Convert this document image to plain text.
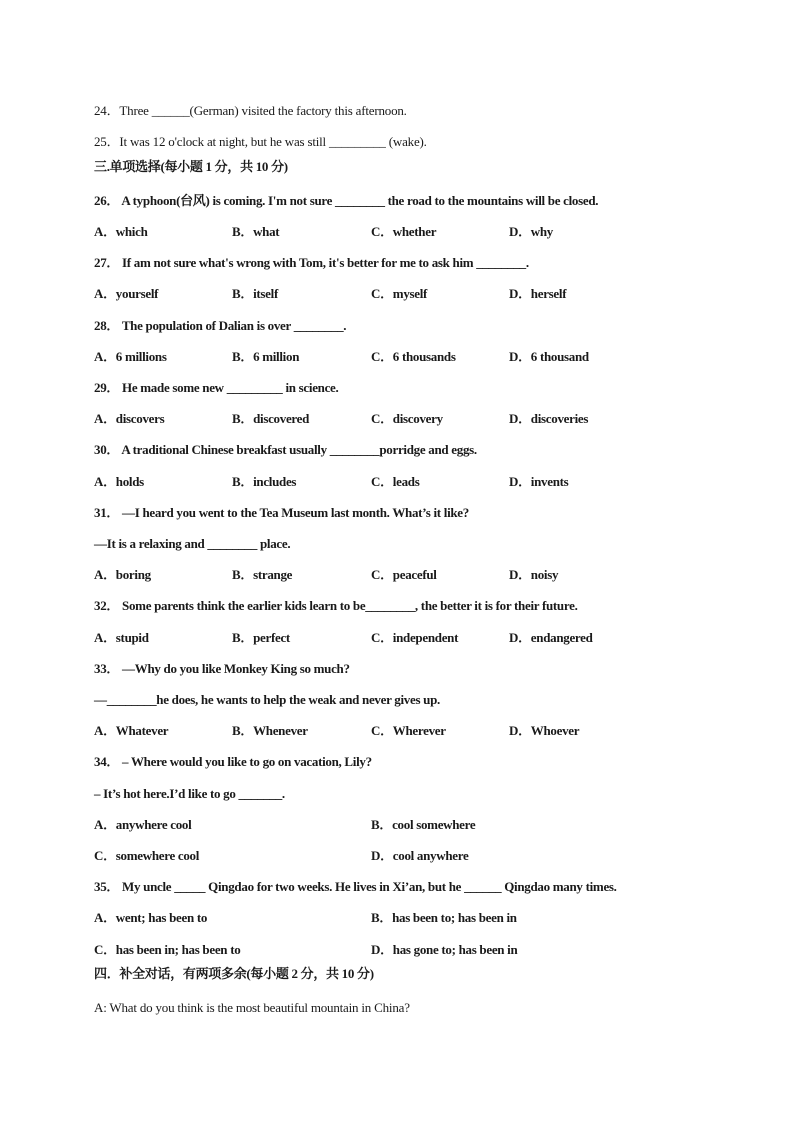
24．Three ______(German) visited the factory this afternoon.
25．It was 12 o'clock at night, but he was still _________ (wake).
三.单项选择(每小题 1 分，共 10 分)
26． A typhoon(台风) is coming. I'm not sure ________ the road to the mountains will be closed.
A．which	B．what	C．whether	D．why
27． If am not sure what's wrong with Tom, it's better for me to ask him ________.
A．yourself	B．itself	C．myself	D．herself
28． The population of Dalian is over ________.
A．6 millions	B．6 million	C．6 thousands	D．6 thousand
29． He made some new _________ in science.
A．discovers	B．discovered	C．discovery	D．discoveries
30． A traditional Chinese breakfast usually ________porridge and eggs.
A．holds	B．includes	C．leads	D．invents
31． —I heard you went to the Tea Museum last month. What’s it like?
—It is a relaxing and ________ place.
A．boring	B．strange	C．peaceful	D．noisy
32． Some parents think the earlier kids learn to be________, the better it is for their future.
A．stupid	B．perfect	C．independent	D．endangered
33． —Why do you like Monkey King so much?
—________he does, he wants to help the weak and never gives up.
A．Whatever	B．Whenever	C．Wherever	D．Whoever
34． – Where would you like to go on vacation, Lily?
– It’s hot here.I’d like to go _______.
A．anywhere cool	B．cool somewhere
C．somewhere cool	D．cool anywhere
35． My uncle _____ Qingdao for two weeks. He lives in Xi’an, but he ______ Qingdao many times.
A．went; has been to	B．has been to; has been in
C．has been in; has been to	D．has gone to; has been in
四．补全对话，有两项多余(每小题 2 分，共 10 分)
A: What do you think is the most beautiful mountain in China?
